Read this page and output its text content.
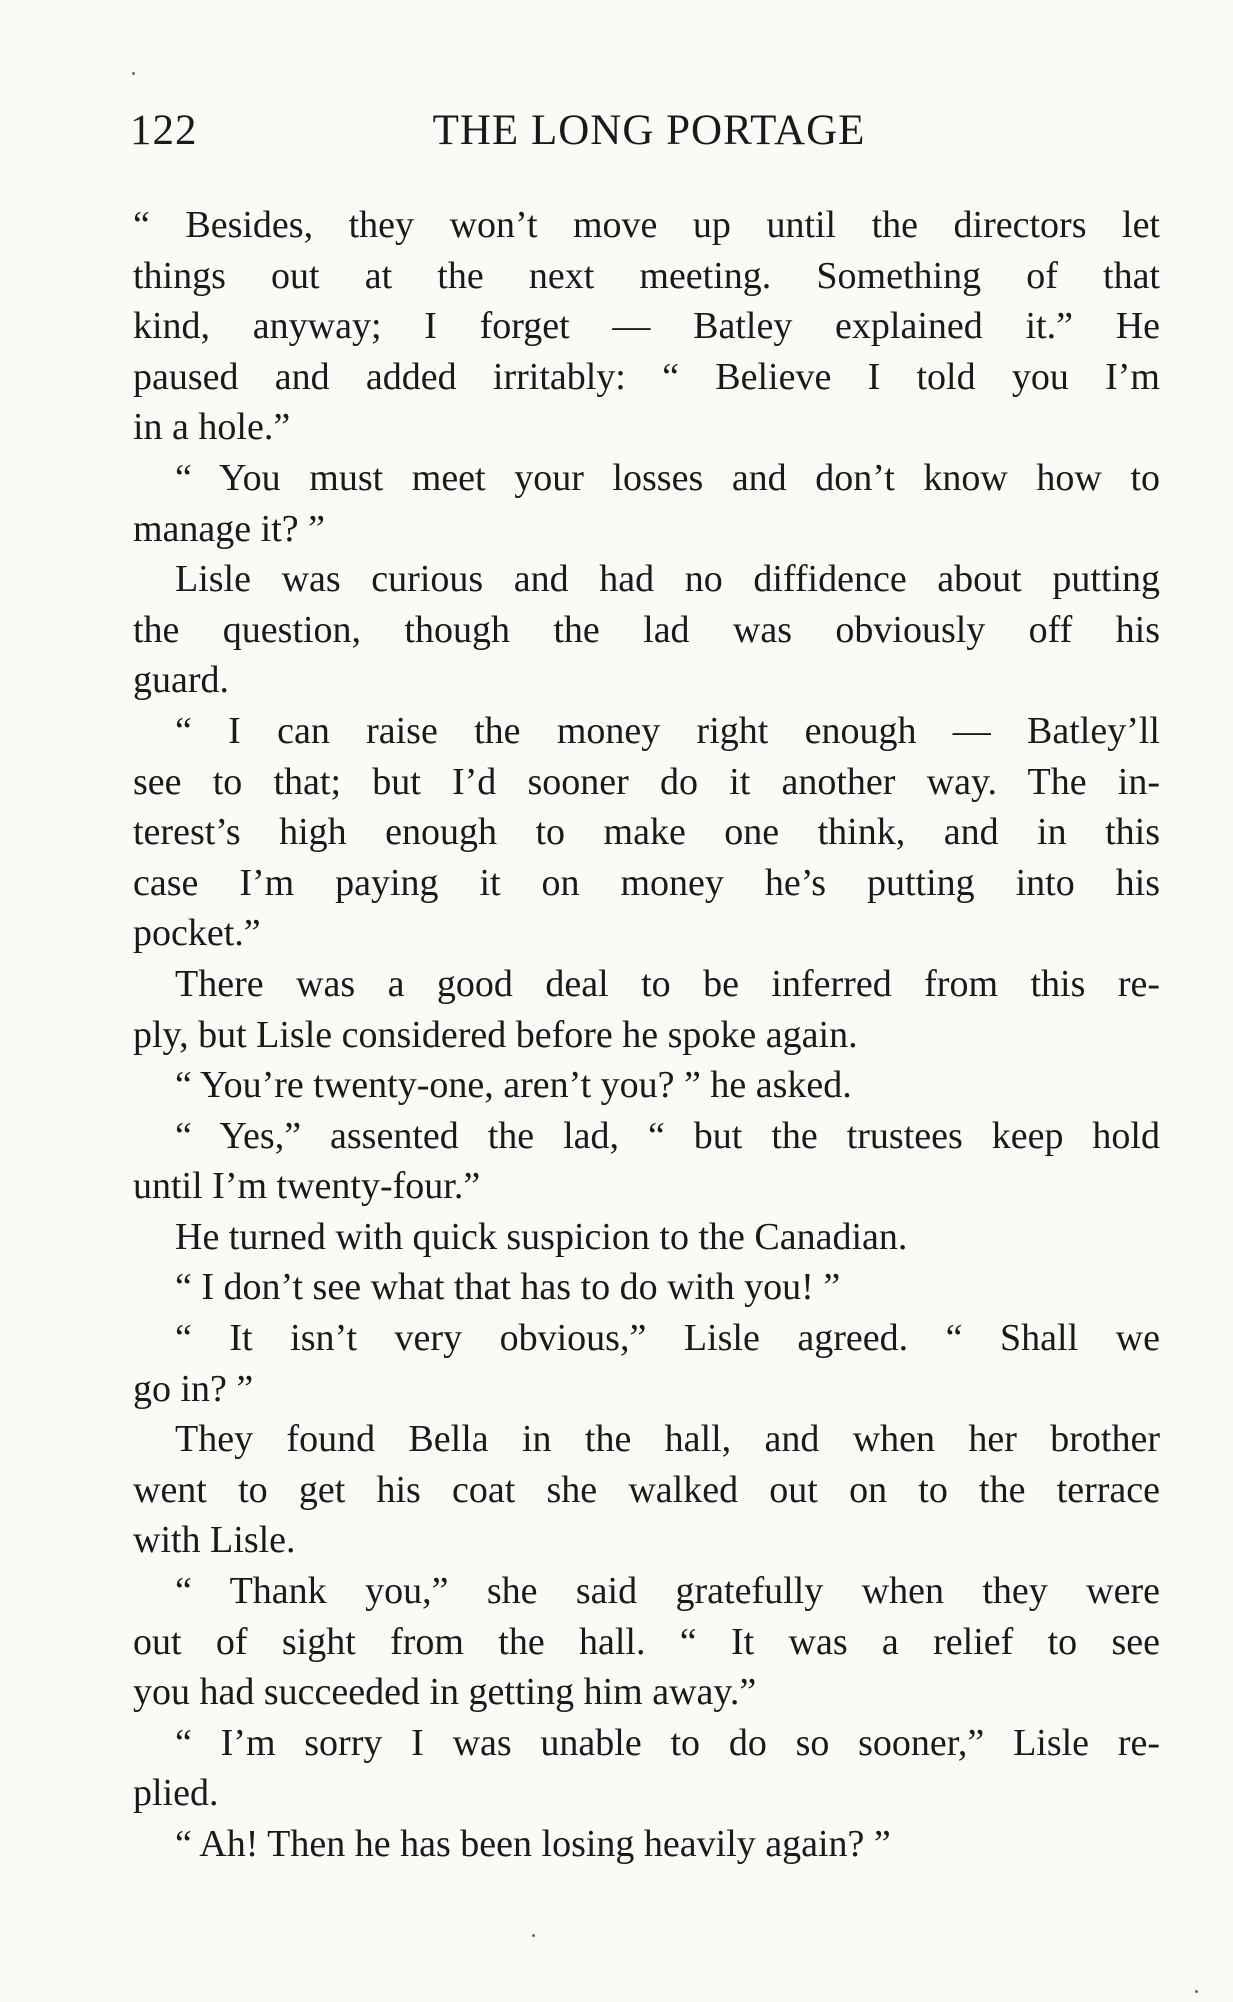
122	THE LONG PORTAGE
“ Besides, they won’t move up until the directors let
things out at the next meeting. Something of that
kind, anyway; I forget — Batley explained it.” He
paused and added irritably: “ Believe I told you I’m
in a hole.”
“ You must meet your losses and don’t know how to
manage it? ”
Lisle was curious and had no diffidence about putting
the question, though the lad was obviously off his
guard.
“ I can raise the money right enough — Batley’ll
see to that; but I’d sooner do it another way. The in-
terest’s high enough to make one think, and in this
case I’m paying it on money he’s putting into his
pocket.”
There was a good deal to be inferred from this re-
ply, but Lisle considered before he spoke again.
“ You’re twenty-one, aren’t you? ” he asked.
“ Yes,” assented the lad, “ but the trustees keep hold
until I’m twenty-four.”
He turned with quick suspicion to the Canadian.
“ I don’t see what that has to do with you! ”
“ It isn’t very obvious,” Lisle agreed. “ Shall we
go in? ”
They found Bella in the hall, and when her brother
went to get his coat she walked out on to the terrace
with Lisle.
“ Thank you,” she said gratefully when they were
out of sight from the hall. “ It was a relief to see
you had succeeded in getting him away.”
“ I’m sorry I was unable to do so sooner,” Lisle re-
plied.
“ Ah! Then he has been losing heavily again? ”
